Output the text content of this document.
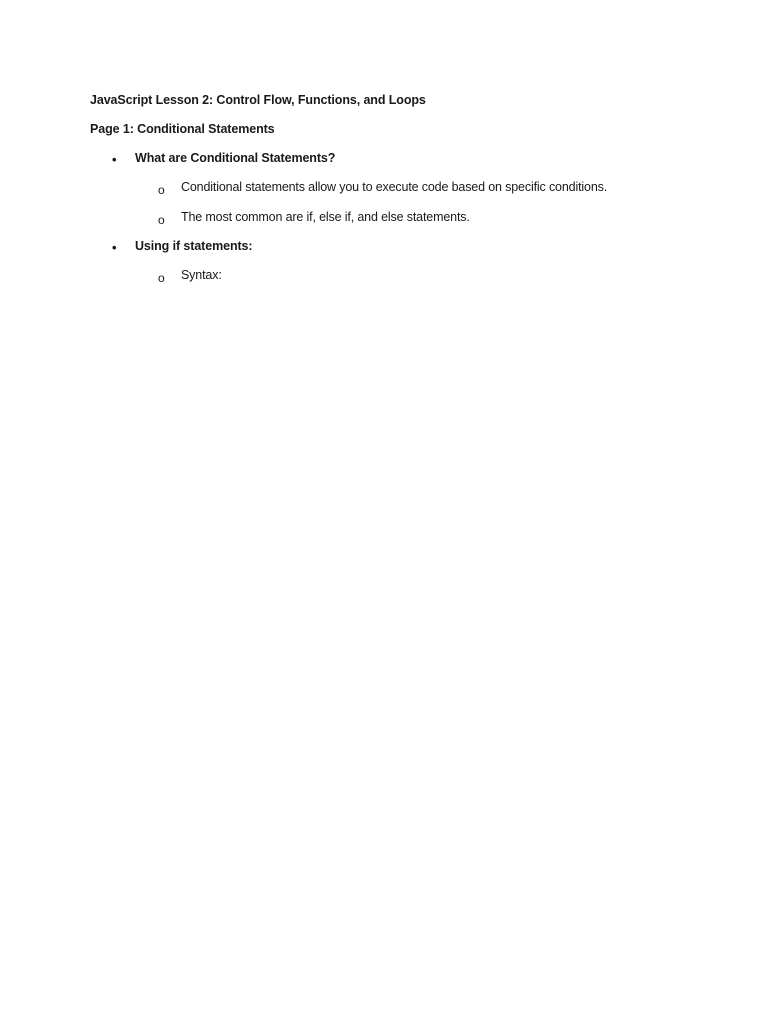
JavaScript Lesson 2: Control Flow, Functions, and Loops
Page 1: Conditional Statements
• What are Conditional Statements?
o Conditional statements allow you to execute code based on specific conditions.
o The most common are if, else if, and else statements.
• Using if statements:
o Syntax:
